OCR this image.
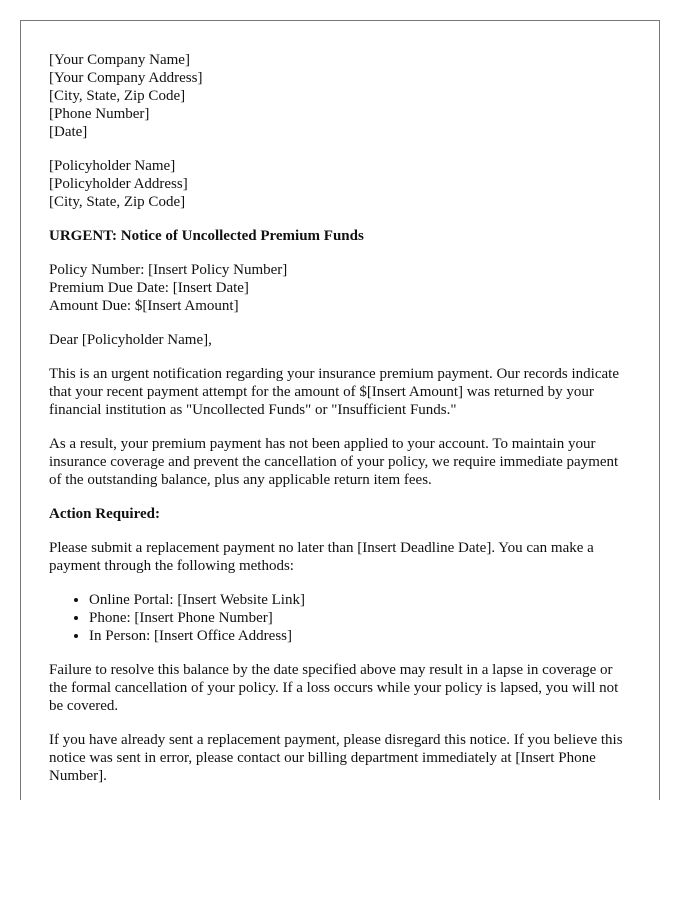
[Your Company Name]
[Your Company Address]
[City, State, Zip Code]
[Phone Number]
[Date]
[Policyholder Name]
[Policyholder Address]
[City, State, Zip Code]
URGENT: Notice of Uncollected Premium Funds
Policy Number: [Insert Policy Number]
Premium Due Date: [Insert Date]
Amount Due: $[Insert Amount]

Dear [Policyholder Name],

This is an urgent notification regarding your insurance premium payment. Our records indicate that your recent payment attempt for the amount of $[Insert Amount] was returned by your financial institution as "Uncollected Funds" or "Insufficient Funds."

As a result, your premium payment has not been applied to your account. To maintain your insurance coverage and prevent the cancellation of your policy, we require immediate payment of the outstanding balance, plus any applicable return item fees.

Action Required:

Please submit a replacement payment no later than [Insert Deadline Date]. You can make a payment through the following methods:

• Online Portal: [Insert Website Link]
• Phone: [Insert Phone Number]
• In Person: [Insert Office Address]

Failure to resolve this balance by the date specified above may result in a lapse in coverage or the formal cancellation of your policy. If a loss occurs while your policy is lapsed, you will not be covered.

If you have already sent a replacement payment, please disregard this notice. If you believe this notice was sent in error, please contact our billing department immediately at [Insert Phone Number].
